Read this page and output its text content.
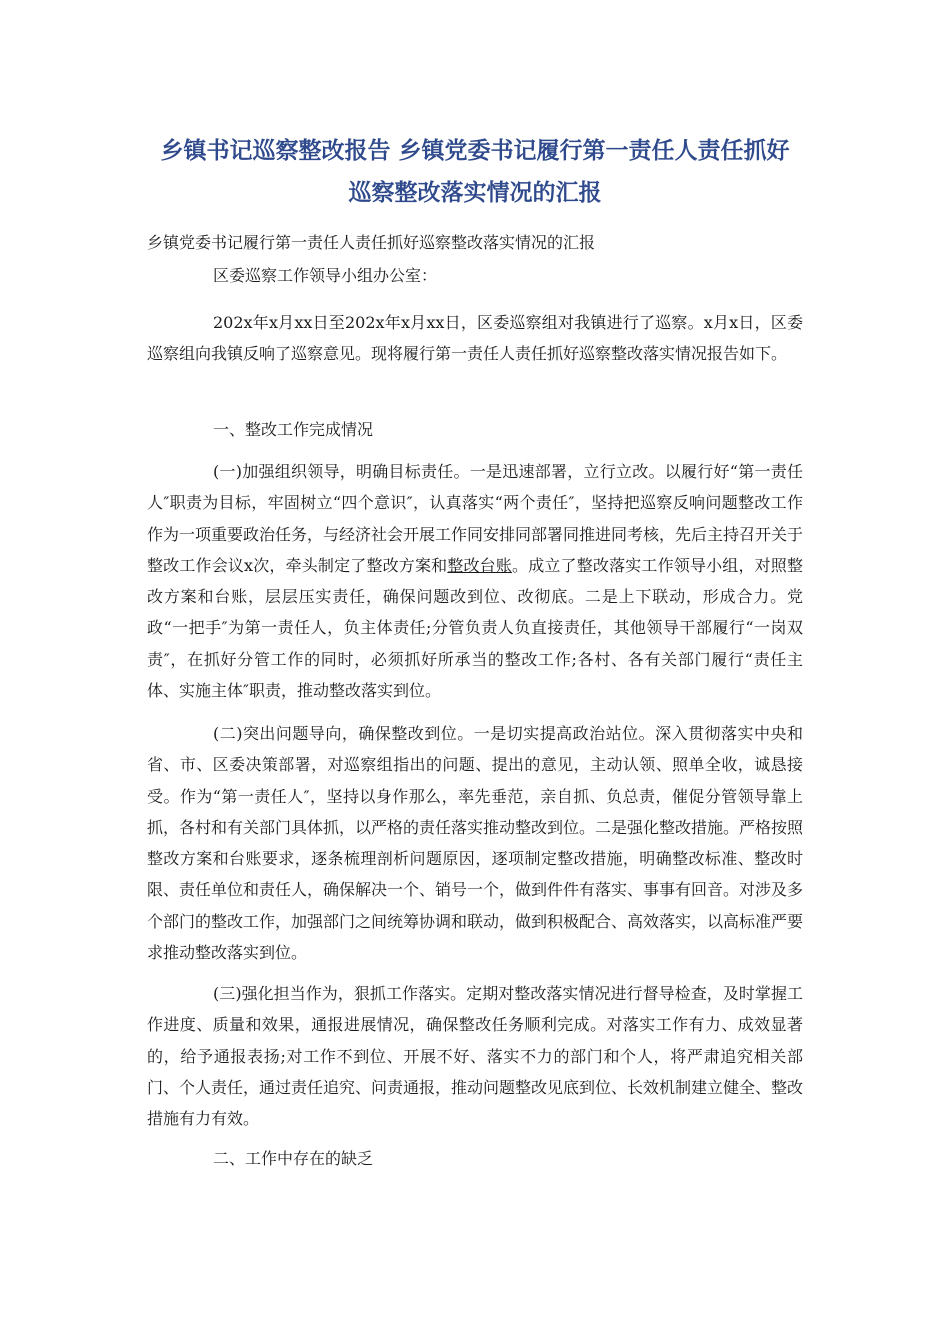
乡镇书记巡察整改报告 乡镇党委书记履行第一责任人责任抓好
巡察整改落实情况的汇报

乡镇党委书记履行第一责任人责任抓好巡察整改落实情况的汇报

区委巡察工作领导小组办公室：

202x年x月xx日至202x年x月xx日，区委巡察组对我镇进行了巡察。x月x日，区委巡察组向我镇反响了巡察意见。现将履行第一责任人责任抓好巡察整改落实情况报告如下。

一、整改工作完成情况

(一)加强组织领导，明确目标责任。一是迅速部署，立行立改。以履行好“第一责任人″职责为目标，牢固树立“四个意识″，认真落实“两个责任″，坚持把巡察反响问题整改工作作为一项重要政治任务，与经济社会开展工作同安排同部署同推进同考核，先后主持召开关于整改工作会议x次，牵头制定了整改方案和整改台账。成立了整改落实工作领导小组，对照整改方案和台账，层层压实责任，确保问题改到位、改彻底。二是上下联动，形成合力。党政“一把手″为第一责任人，负主体责任;分管负责人负直接责任，其他领导干部履行“一岗双责″，在抓好分管工作的同时，必须抓好所承当的整改工作;各村、各有关部门履行“责任主体、实施主体″职责，推动整改落实到位。

(二)突出问题导向，确保整改到位。一是切实提高政治站位。深入贯彻落实中央和省、市、区委决策部署，对巡察组指出的问题、提出的意见，主动认领、照单全收，诚恳接受。作为“第一责任人″，坚持以身作那么，率先垂范，亲自抓、负总责，催促分管领导靠上抓，各村和有关部门具体抓，以严格的责任落实推动整改到位。二是强化整改措施。严格按照整改方案和台账要求，逐条梳理剖析问题原因，逐项制定整改措施，明确整改标准、整改时限、责任单位和责任人，确保解决一个、销号一个，做到件件有落实、事事有回音。对涉及多个部门的整改工作，加强部门之间统筹协调和联动，做到积极配合、高效落实，以高标准严要求推动整改落实到位。

(三)强化担当作为，狠抓工作落实。定期对整改落实情况进行督导检查，及时掌握工作进度、质量和效果，通报进展情况，确保整改任务顺利完成。对落实工作有力、成效显著的，给予通报表扬;对工作不到位、开展不好、落实不力的部门和个人，将严肃追究相关部门、个人责任，通过责任追究、问责通报，推动问题整改见底到位、长效机制建立健全、整改措施有力有效。

二、工作中存在的缺乏
